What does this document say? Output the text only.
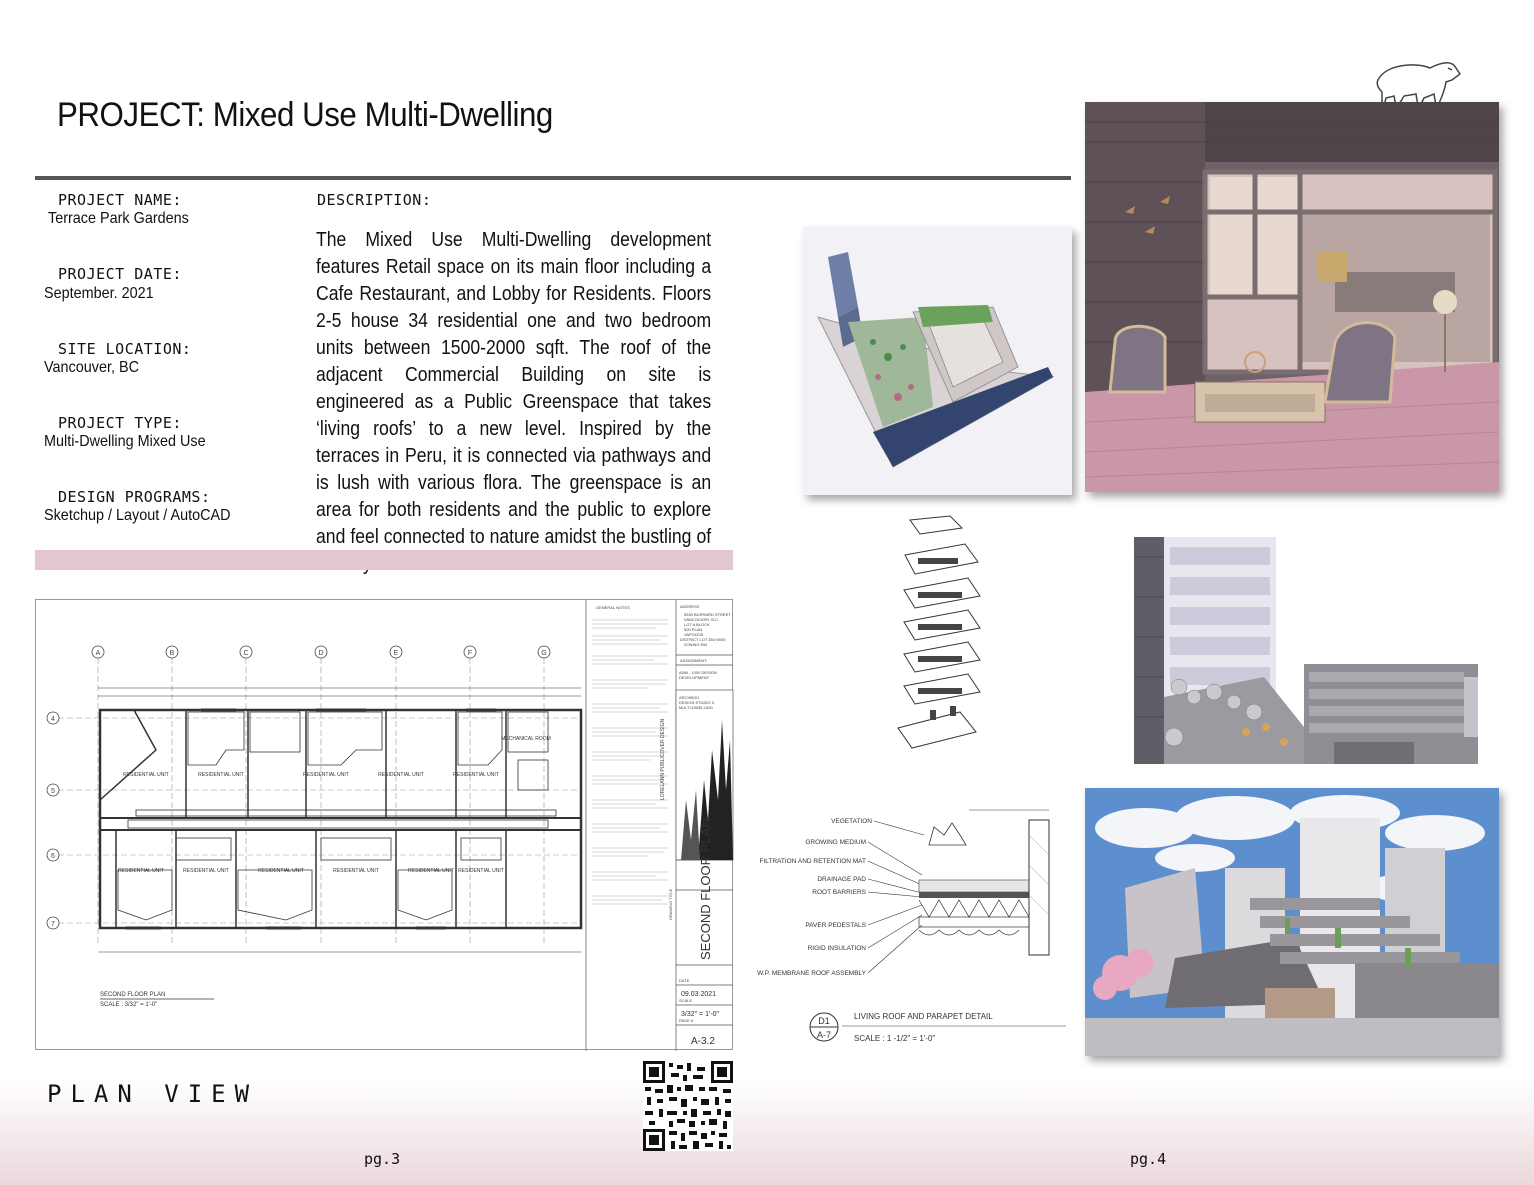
PROJECT: Mixed Use Multi-Dwelling
PROJECT NAME:
Terrace Park Gardens
PROJECT DATE:
September. 2021
SITE LOCATION:
Vancouver, BC
PROJECT TYPE:
Multi-Dwelling Mixed Use
DESIGN PROGRAMS:
Sketchup / Layout / AutoCAD
DESCRIPTION:
The Mixed Use Multi-Dwelling development features Retail space on its main floor including a Cafe Restaurant, and Lobby for Residents. Floors 2-5 house 34 residential one and two bedroom units between 1500-2000 sqft. The roof of the adjacent Commercial Building on site is engineered as a Public Greenspace that takes ‘living roofs’ to a new level. Inspired by the terraces in Peru, it is connected via pathways and is lush with various flora. The greenspace is an area for both residents and the public to explore and feel connected to nature amidst the bustling of
A	B	C	D	E	F	G
4
5
6
7
RESIDENTIAL UNIT	RESIDENTIAL UNIT	RESIDENTIAL UNIT	RESIDENTIAL UNIT	RESIDENTIAL UNIT
RESIDENTIAL UNIT	RESIDENTIAL UNIT	RESIDENTIAL UNIT	RESIDENTIAL UNIT	RESIDENTIAL UNIT RESIDENTIAL UNIT
MECHANICAL ROOM
SECOND FLOOR PLAN
SCALE : 3/32" = 1'-0"
GENERAL NOTES	ADDRESS
5530 BURRARD STREET
VANCOUVER, B.C.
LOT A BLOCK
500 PLAN
VAP24228
DISTRICT LOT 350 NWD
ZONING RM
ASSIGNMENT:
ADM - 1000 DESIGN
DEVELOPMENT
ARCHBOO
DESIGN STUDIO II
MULTI-DWELLING
DATE
SCALE
PAGE #
DRAWING TITLE
LORELANN PUBLICOVER DESIGN
SECOND FLOOR PLAN
09.03.2021
3/32" = 1'-0"
A-3.2
PLAN VIEW
pg.3	pg.4
VEGETATION
GROWING MEDIUM
FILTRATION AND RETENTION MAT
DRAINAGE PAD
ROOT BARRIERS
PAVER PEDESTALS
RIGID INSULATION
W.P. MEMBRANE ROOF ASSEMBLY
D1
A-7
LIVING ROOF AND PARAPET DETAIL
SCALE : 1 -1/2" = 1'-0"
